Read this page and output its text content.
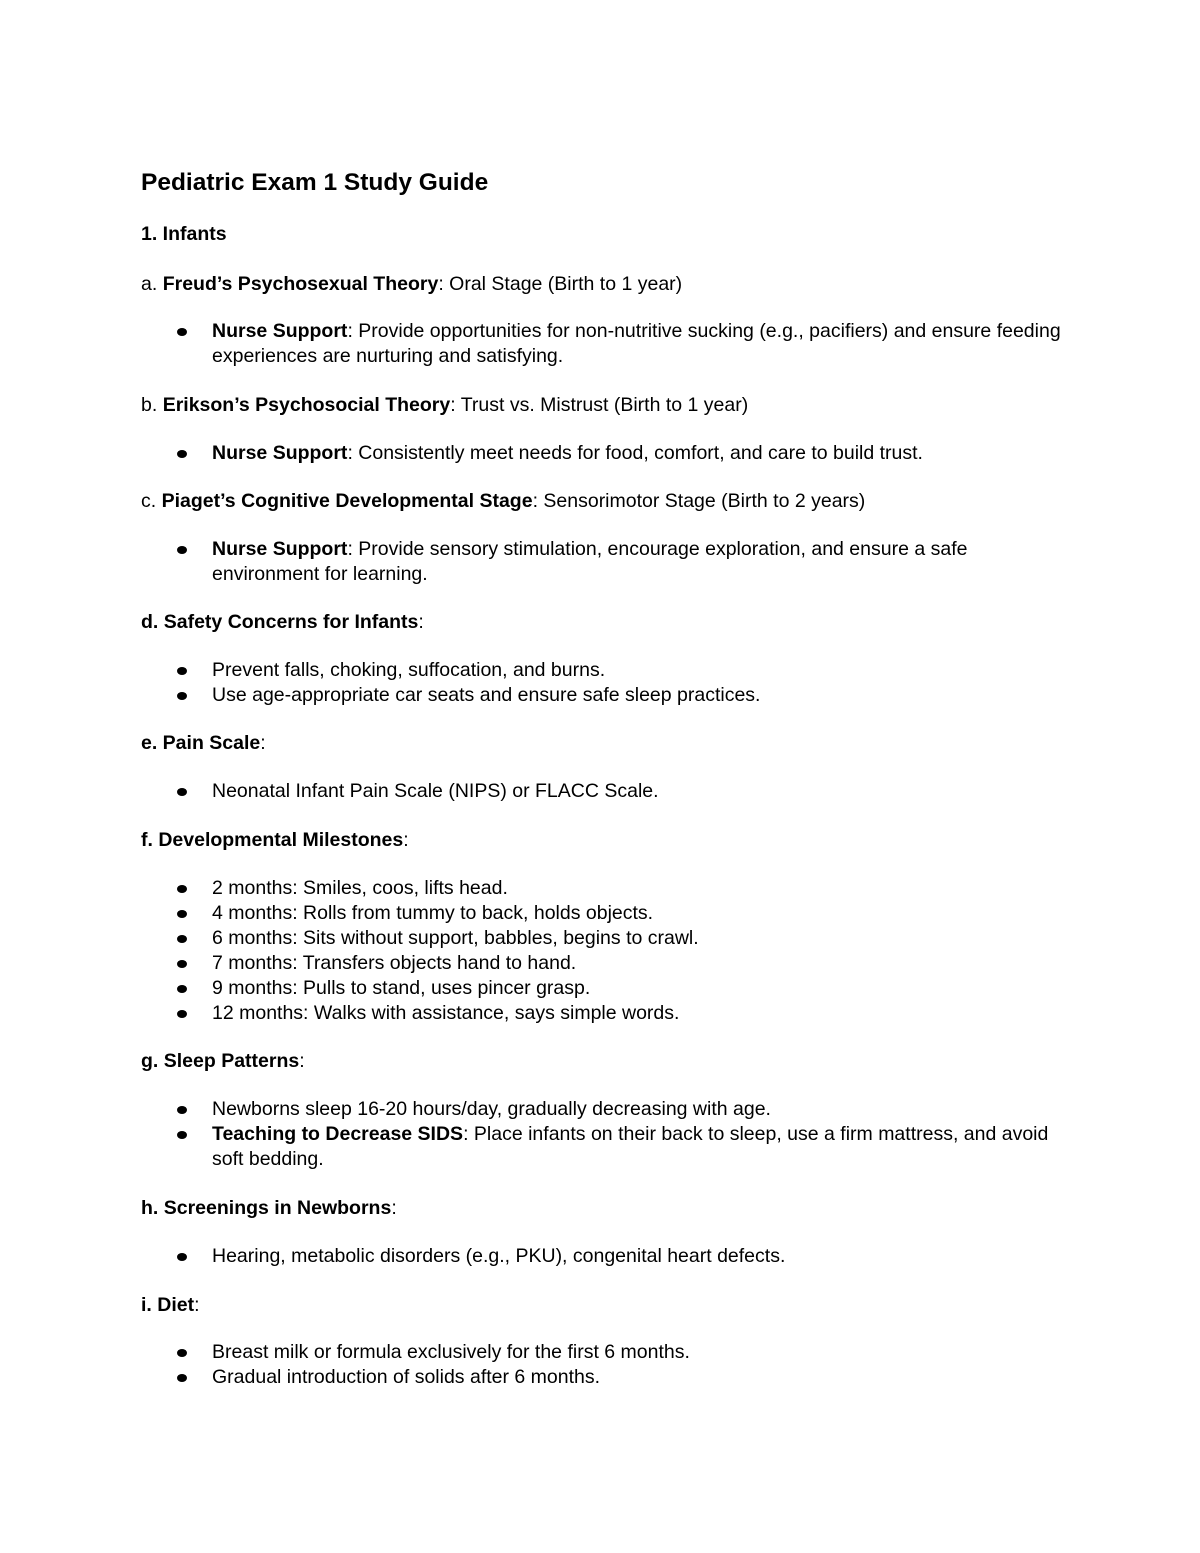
Pediatric Exam 1 Study Guide
1. Infants
a. Freud’s Psychosexual Theory: Oral Stage (Birth to 1 year)
Nurse Support: Provide opportunities for non-nutritive sucking (e.g., pacifiers) and ensure feeding experiences are nurturing and satisfying.
b. Erikson’s Psychosocial Theory: Trust vs. Mistrust (Birth to 1 year)
Nurse Support: Consistently meet needs for food, comfort, and care to build trust.
c. Piaget’s Cognitive Developmental Stage: Sensorimotor Stage (Birth to 2 years)
Nurse Support: Provide sensory stimulation, encourage exploration, and ensure a safe environment for learning.
d. Safety Concerns for Infants:
Prevent falls, choking, suffocation, and burns.
Use age-appropriate car seats and ensure safe sleep practices.
e. Pain Scale:
Neonatal Infant Pain Scale (NIPS) or FLACC Scale.
f. Developmental Milestones:
2 months: Smiles, coos, lifts head.
4 months: Rolls from tummy to back, holds objects.
6 months: Sits without support, babbles, begins to crawl.
7 months: Transfers objects hand to hand.
9 months: Pulls to stand, uses pincer grasp.
12 months: Walks with assistance, says simple words.
g. Sleep Patterns:
Newborns sleep 16-20 hours/day, gradually decreasing with age.
Teaching to Decrease SIDS: Place infants on their back to sleep, use a firm mattress, and avoid soft bedding.
h. Screenings in Newborns:
Hearing, metabolic disorders (e.g., PKU), congenital heart defects.
i. Diet:
Breast milk or formula exclusively for the first 6 months.
Gradual introduction of solids after 6 months.
